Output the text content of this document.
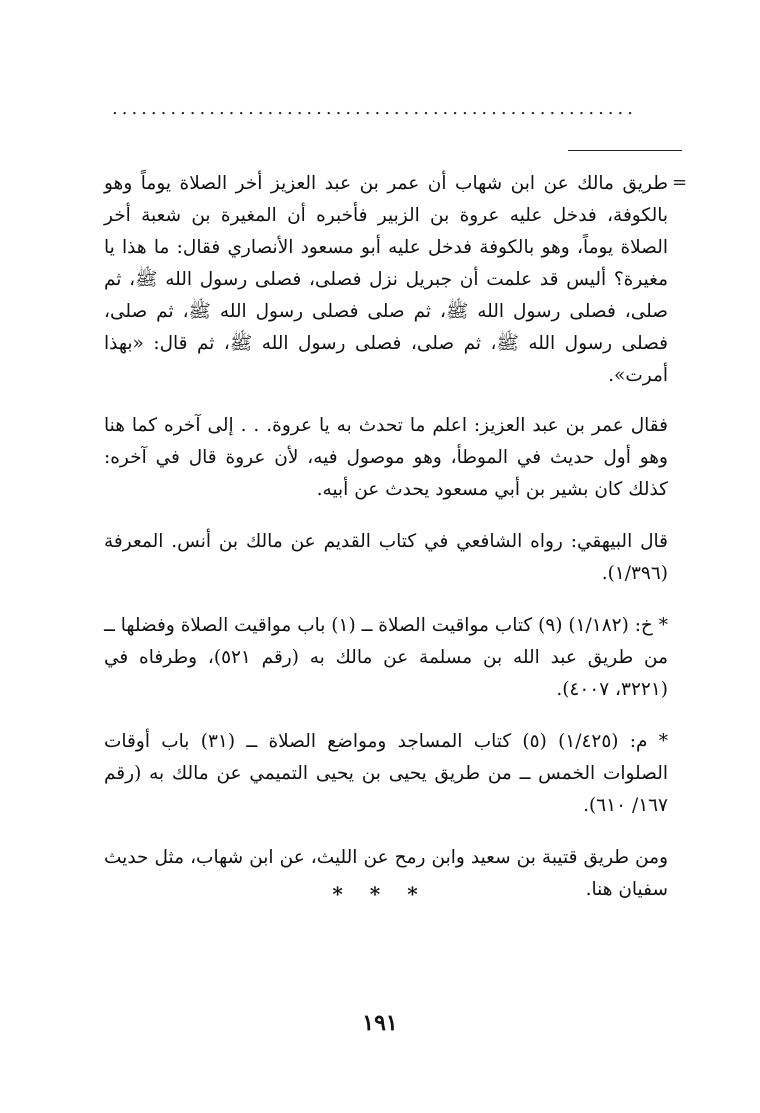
......................................................
=

طريق مالك عن ابن شهاب أن عمر بن عبد العزيز أخر الصلاة يوماً وهو بالكوفة، فدخل عليه عروة بن الزبير فأخبره أن المغيرة بن شعبة أخر الصلاة يوماً، وهو بالكوفة فدخل عليه أبو مسعود الأنصاري فقال: ما هذا يا مغيرة؟ أليس قد علمت أن جبريل نزل فصلى، فصلى رسول الله ﷺ، ثم صلى، فصلى رسول الله ﷺ، ثم صلى فصلى رسول الله ﷺ، ثم صلى، فصلى رسول الله ﷺ، ثم صلى، فصلى رسول الله ﷺ، ثم قال: «بهذا أمرت».

فقال عمر بن عبد العزيز: اعلم ما تحدث به يا عروة. . . إلى آخره كما هنا وهو أول حديث في الموطأ، وهو موصول فيه، لأن عروة قال في آخره: كذلك كان بشير بن أبي مسعود يحدث عن أبيه.

قال البيهقي: رواه الشافعي في كتاب القديم عن مالك بن أنس. المعرفة (١/٣٩٦).

* خ: (١/١٨٢) (٩) كتاب مواقيت الصلاة ــ (١) باب مواقيت الصلاة وفضلها ــ من طريق عبد الله بن مسلمة عن مالك به (رقم ٥٢١)، وطرفاه في (٣٢٢١، ٤٠٠٧).

* م: (١/٤٢٥) (٥) كتاب المساجد ومواضع الصلاة ــ (٣١) باب أوقات الصلوات الخمس ــ من طريق يحيى بن يحيى التميمي عن مالك به (رقم ١٦٧/ ٦١٠).

ومن طريق قتيبة بن سعيد وابن رمح عن الليث، عن ابن شهاب، مثل حديث سفيان هنا.

* * *
١٩١
